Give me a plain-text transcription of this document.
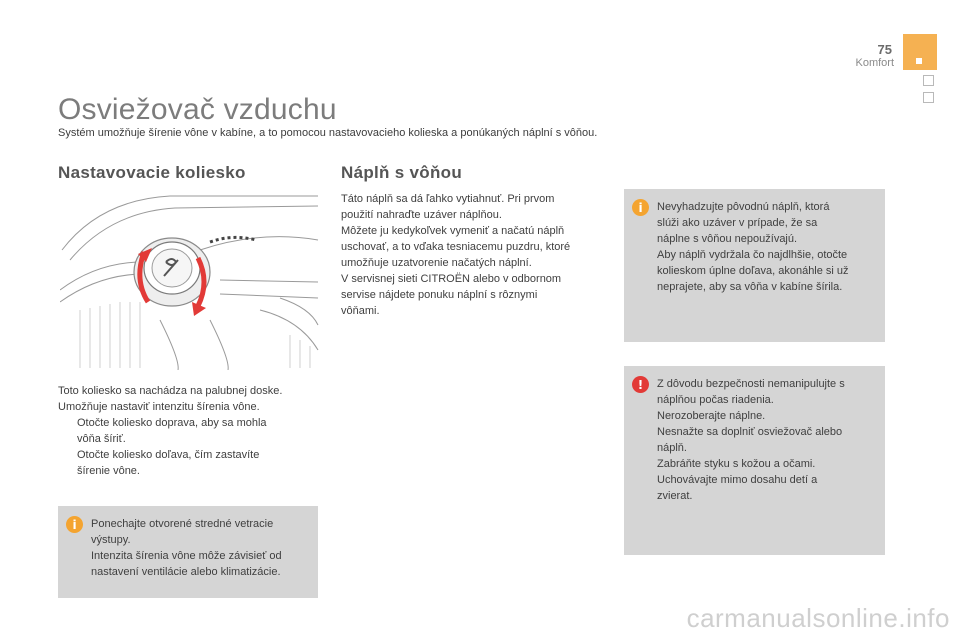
75
Komfort
Osviežovač vzduchu
Systém umožňuje šírenie vône v kabíne, a to pomocou nastavovacieho kolieska a ponúkaných náplní s vôňou.
Nastavovacie koliesko

Toto koliesko sa nachádza na palubnej doske.

Umožňuje nastaviť intenzitu šírenia vône.

Otočte koliesko doprava, aby sa mohla

vôňa šíriť.

Otočte koliesko doľava, čím zastavíte

šírenie vône.

i	Ponechajte otvorené stredné vetracie

výstupy.

Intenzita šírenia vône môže závisieť od

nastavení ventilácie alebo klimatizácie.

Náplň s vôňou

Táto náplň sa dá ľahko vytiahnuť. Pri prvom

použití nahraďte uzáver náplňou.

Môžete ju kedykoľvek vymeniť a načatú náplň

uschovať, a to vďaka tesniacemu puzdru, ktoré

umožňuje uzatvorenie načatých náplní.

V servisnej sieti CITROËN alebo v odbornom

servise nájdete ponuku náplní s rôznymi

vôňami.

i	Nevyhadzujte pôvodnú náplň, ktorá

slúži ako uzáver v prípade, že sa

náplne s vôňou nepoužívajú.

Aby náplň vydržala čo najdlhšie, otočte

kolieskom úplne doľava, akonáhle si už

neprajete, aby sa vôňa v kabíne šírila.

!	Z dôvodu bezpečnosti nemanipulujte s

náplňou počas riadenia.

Nerozoberajte náplne.

Nesnažte sa doplniť osviežovač alebo

náplň.

Zabráňte styku s kožou a očami.

Uchovávajte mimo dosahu detí a

zvierat.

carmanualsonline.info
